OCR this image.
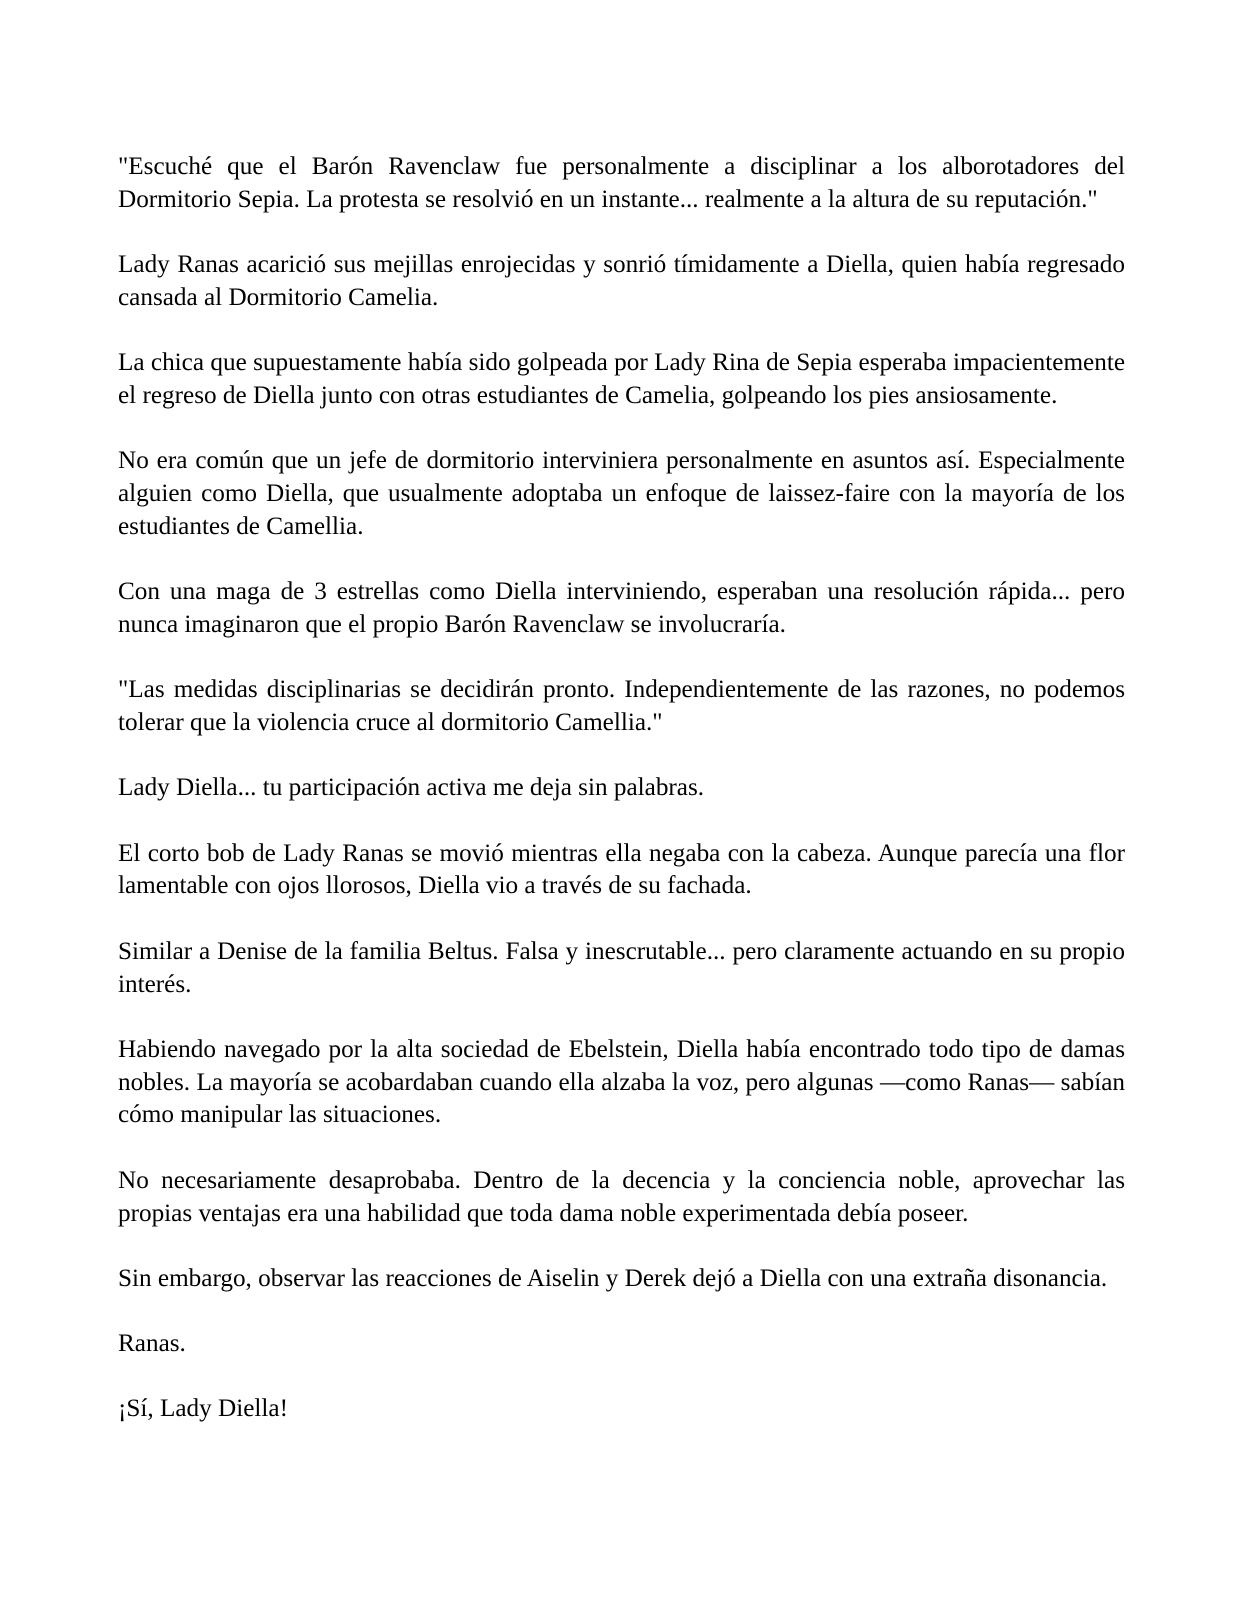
"Escuché que el Barón Ravenclaw fue personalmente a disciplinar a los alborotadores del Dormitorio Sepia. La protesta se resolvió en un instante... realmente a la altura de su reputación."

Lady Ranas acarició sus mejillas enrojecidas y sonrió tímidamente a Diella, quien había regresado cansada al Dormitorio Camelia.

La chica que supuestamente había sido golpeada por Lady Rina de Sepia esperaba impacientemente el regreso de Diella junto con otras estudiantes de Camelia, golpeando los pies ansiosamente.

No era común que un jefe de dormitorio interviniera personalmente en asuntos así. Especialmente alguien como Diella, que usualmente adoptaba un enfoque de laissez-faire con la mayoría de los estudiantes de Camellia.

Con una maga de 3 estrellas como Diella interviniendo, esperaban una resolución rápida... pero nunca imaginaron que el propio Barón Ravenclaw se involucraría.

"Las medidas disciplinarias se decidirán pronto. Independientemente de las razones, no podemos tolerar que la violencia cruce al dormitorio Camellia."

Lady Diella... tu participación activa me deja sin palabras.

El corto bob de Lady Ranas se movió mientras ella negaba con la cabeza. Aunque parecía una flor lamentable con ojos llorosos, Diella vio a través de su fachada.

Similar a Denise de la familia Beltus. Falsa y inescrutable... pero claramente actuando en su propio interés.

Habiendo navegado por la alta sociedad de Ebelstein, Diella había encontrado todo tipo de damas nobles. La mayoría se acobardaban cuando ella alzaba la voz, pero algunas —como Ranas— sabían cómo manipular las situaciones.

No necesariamente desaprobaba. Dentro de la decencia y la conciencia noble, aprovechar las propias ventajas era una habilidad que toda dama noble experimentada debía poseer.

Sin embargo, observar las reacciones de Aiselin y Derek dejó a Diella con una extraña disonancia.

Ranas.

¡Sí, Lady Diella!
